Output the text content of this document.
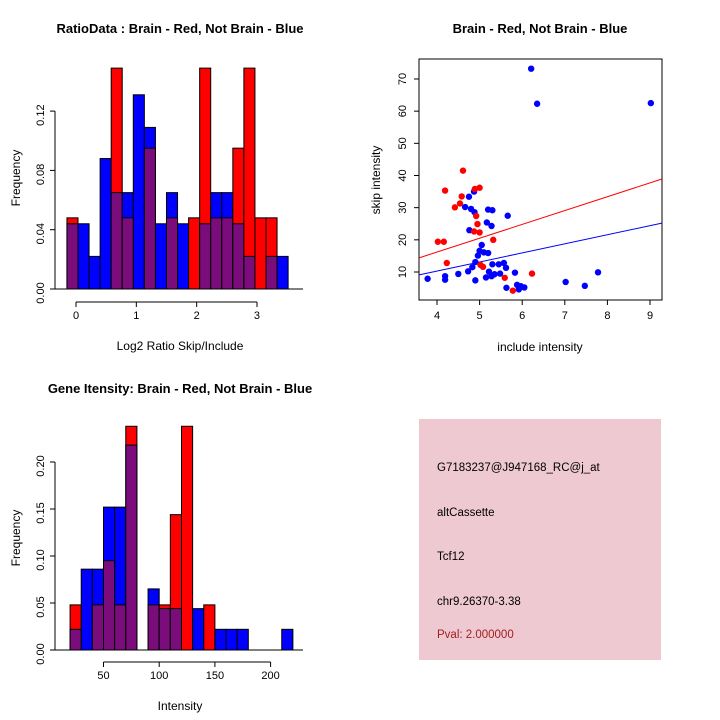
0.00
0.04
0.08
0.12
0	1	2	3
RatioData : Brain - Red, Not Brain - Blue
Log2 Ratio Skip/Include
Frequency
4	5	6	7	8	9
10
20
30
40
50
60
70
Brain - Red, Not Brain - Blue
include intensity
skip intensity
0.00
0.05
0.10
0.15
0.20
50	100	150	200
Gene Itensity: Brain - Red, Not Brain - Blue
Intensity
Frequency
G7183237@J947168_RC@j_at
altCassette
Tcf12
chr9.26370-3.38
Pval: 2.000000
